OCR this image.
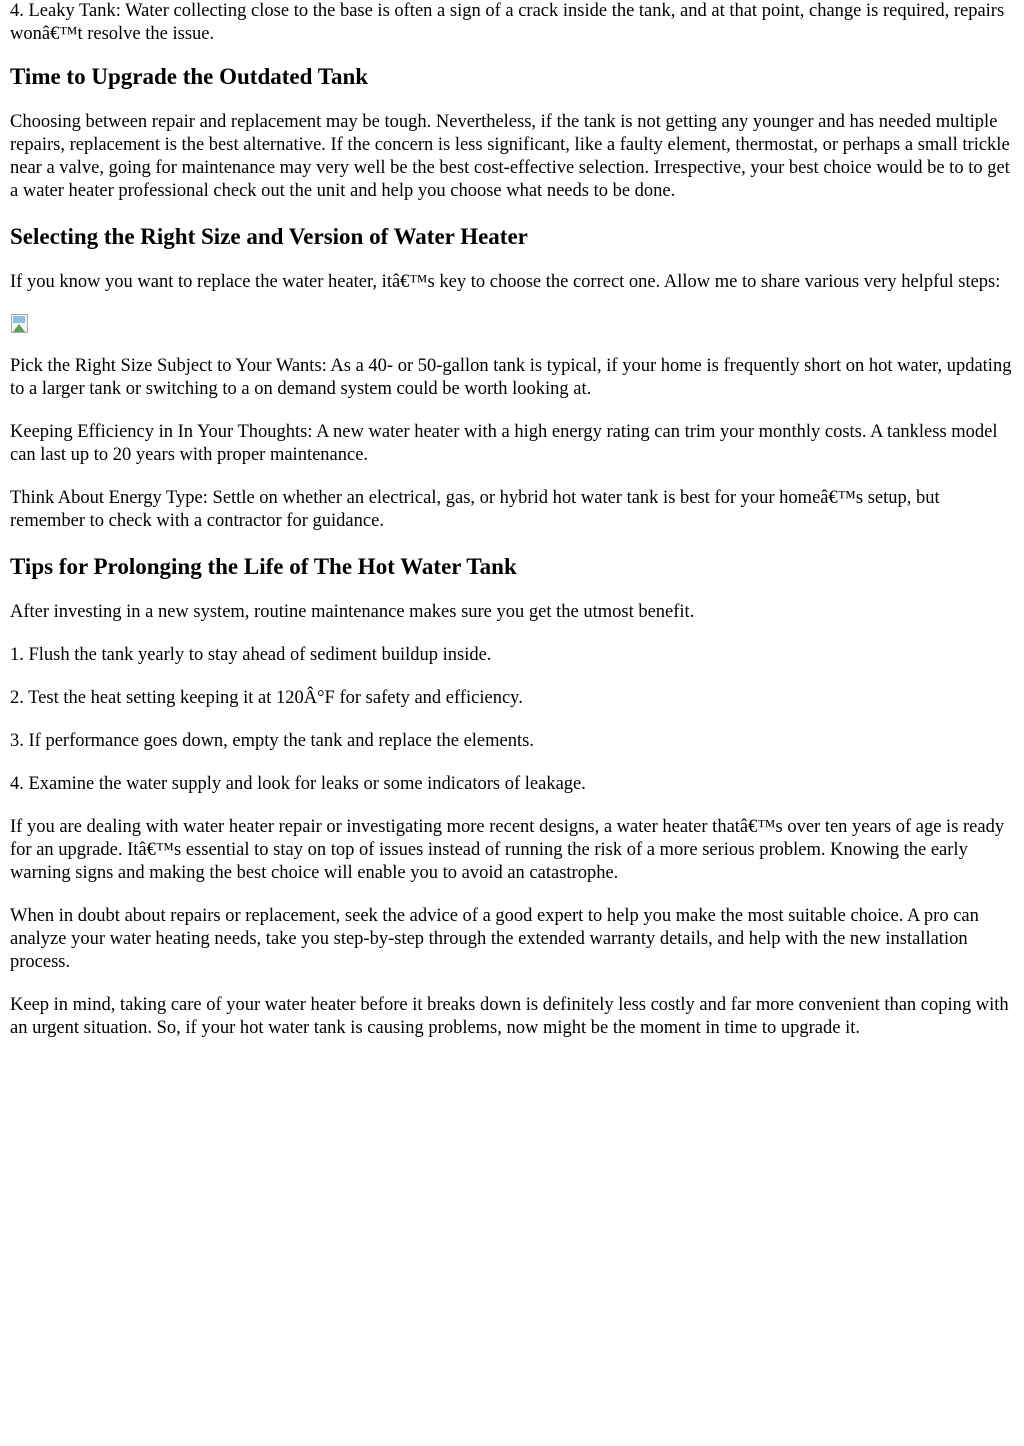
4. Leaky Tank: Water collecting close to the base is often a sign of a crack inside the tank, and at that point, change is required, repairs wonâ€™t resolve the issue.

Time to Upgrade the Outdated Tank

Choosing between repair and replacement may be tough. Nevertheless, if the tank is not getting any younger and has needed multiple repairs, replacement is the best alternative. If the concern is less significant, like a faulty element, thermostat, or perhaps a small trickle near a valve, going for maintenance may very well be the best cost-effective selection. Irrespective, your best choice would be to to get a water heater professional check out the unit and help you choose what needs to be done.

Selecting the Right Size and Version of Water Heater

If you know you want to replace the water heater, itâ€™s key to choose the correct one. Allow me to share various very helpful steps:

Pick the Right Size Subject to Your Wants: As a 40- or 50-gallon tank is typical, if your home is frequently short on hot water, updating to a larger tank or switching to a on demand system could be worth looking at.

Keeping Efficiency in In Your Thoughts: A new water heater with a high energy rating can trim your monthly costs. A tankless model can last up to 20 years with proper maintenance.

Think About Energy Type: Settle on whether an electrical, gas, or hybrid hot water tank is best for your homeâ€™s setup, but remember to check with a contractor for guidance.

Tips for Prolonging the Life of The Hot Water Tank

After investing in a new system, routine maintenance makes sure you get the utmost benefit.

1. Flush the tank yearly to stay ahead of sediment buildup inside.

2. Test the heat setting keeping it at 120Â°F for safety and efficiency.

3. If performance goes down, empty the tank and replace the elements.

4. Examine the water supply and look for leaks or some indicators of leakage.

If you are dealing with water heater repair or investigating more recent designs, a water heater thatâ€™s over ten years of age is ready for an upgrade. Itâ€™s essential to stay on top of issues instead of running the risk of a more serious problem. Knowing the early warning signs and making the best choice will enable you to avoid an catastrophe.

When in doubt about repairs or replacement, seek the advice of a good expert to help you make the most suitable choice. A pro can analyze your water heating needs, take you step-by-step through the extended warranty details, and help with the new installation process.

Keep in mind, taking care of your water heater before it breaks down is definitely less costly and far more convenient than coping with an urgent situation. So, if your hot water tank is causing problems, now might be the moment in time to upgrade it.
